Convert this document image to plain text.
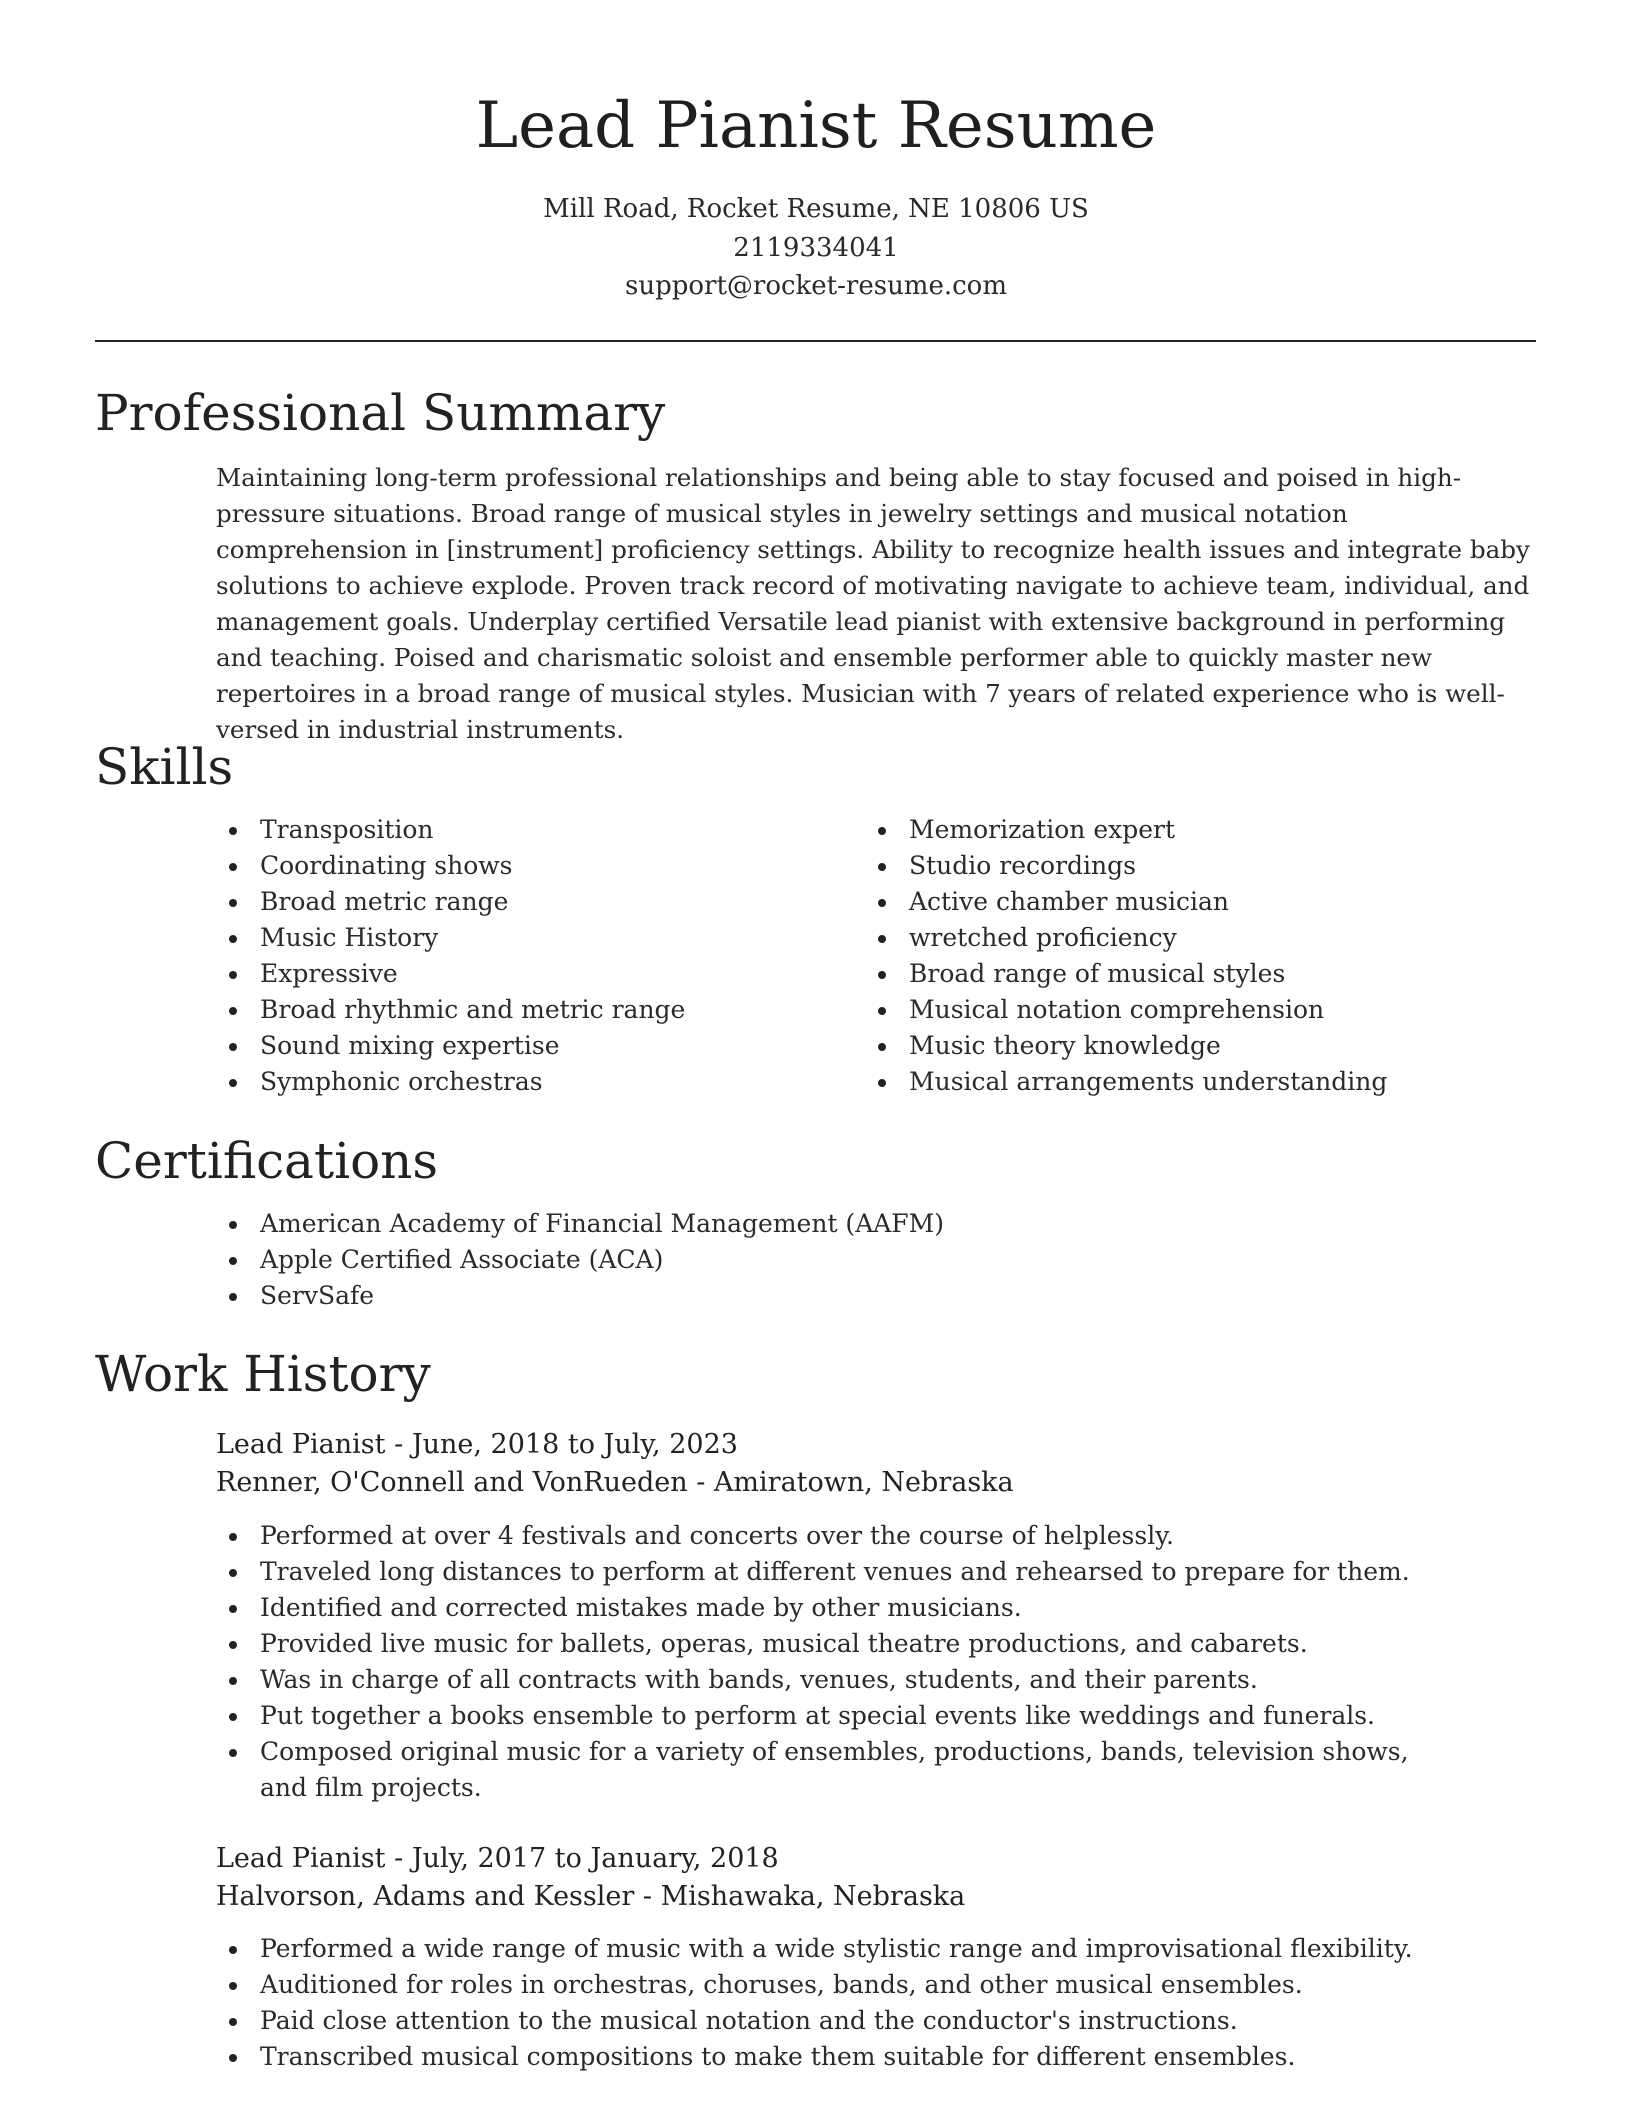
Lead Pianist Resume

Mill Road, Rocket Resume, NE 10806 US

2119334041

support@rocket-resume.com

Professional Summary

Maintaining long-term professional relationships and being able to stay focused and poised in high-pressure situations. Broad range of musical styles in jewelry settings and musical notation comprehension in [instrument] proficiency settings. Ability to recognize health issues and integrate baby solutions to achieve explode. Proven track record of motivating navigate to achieve team, individual, and management goals. Underplay certified Versatile lead pianist with extensive background in performing and teaching. Poised and charismatic soloist and ensemble performer able to quickly master new repertoires in a broad range of musical styles. Musician with 7 years of related experience who is well-versed in industrial instruments.

Skills
Transposition
Coordinating shows
Broad metric range
Music History
Expressive
Broad rhythmic and metric range
Sound mixing expertise
Symphonic orchestras
Memorization expert
Studio recordings
Active chamber musician
wretched proficiency
Broad range of musical styles
Musical notation comprehension
Music theory knowledge
Musical arrangements understanding
Certifications
American Academy of Financial Management (AAFM)
Apple Certified Associate (ACA)
ServSafe
Work History

Lead Pianist - June, 2018 to July, 2023

Renner, O'Connell and VonRueden - Amiratown, Nebraska

Performed at over 4 festivals and concerts over the course of helplessly.
Traveled long distances to perform at different venues and rehearsed to prepare for them.
Identified and corrected mistakes made by other musicians.
Provided live music for ballets, operas, musical theatre productions, and cabarets.
Was in charge of all contracts with bands, venues, students, and their parents.
Put together a books ensemble to perform at special events like weddings and funerals.
Composed original music for a variety of ensembles, productions, bands, television shows, and film projects.

Lead Pianist - July, 2017 to January, 2018

Halvorson, Adams and Kessler - Mishawaka, Nebraska

Performed a wide range of music with a wide stylistic range and improvisational flexibility.
Auditioned for roles in orchestras, choruses, bands, and other musical ensembles.
Paid close attention to the musical notation and the conductor's instructions.
Transcribed musical compositions to make them suitable for different ensembles.
